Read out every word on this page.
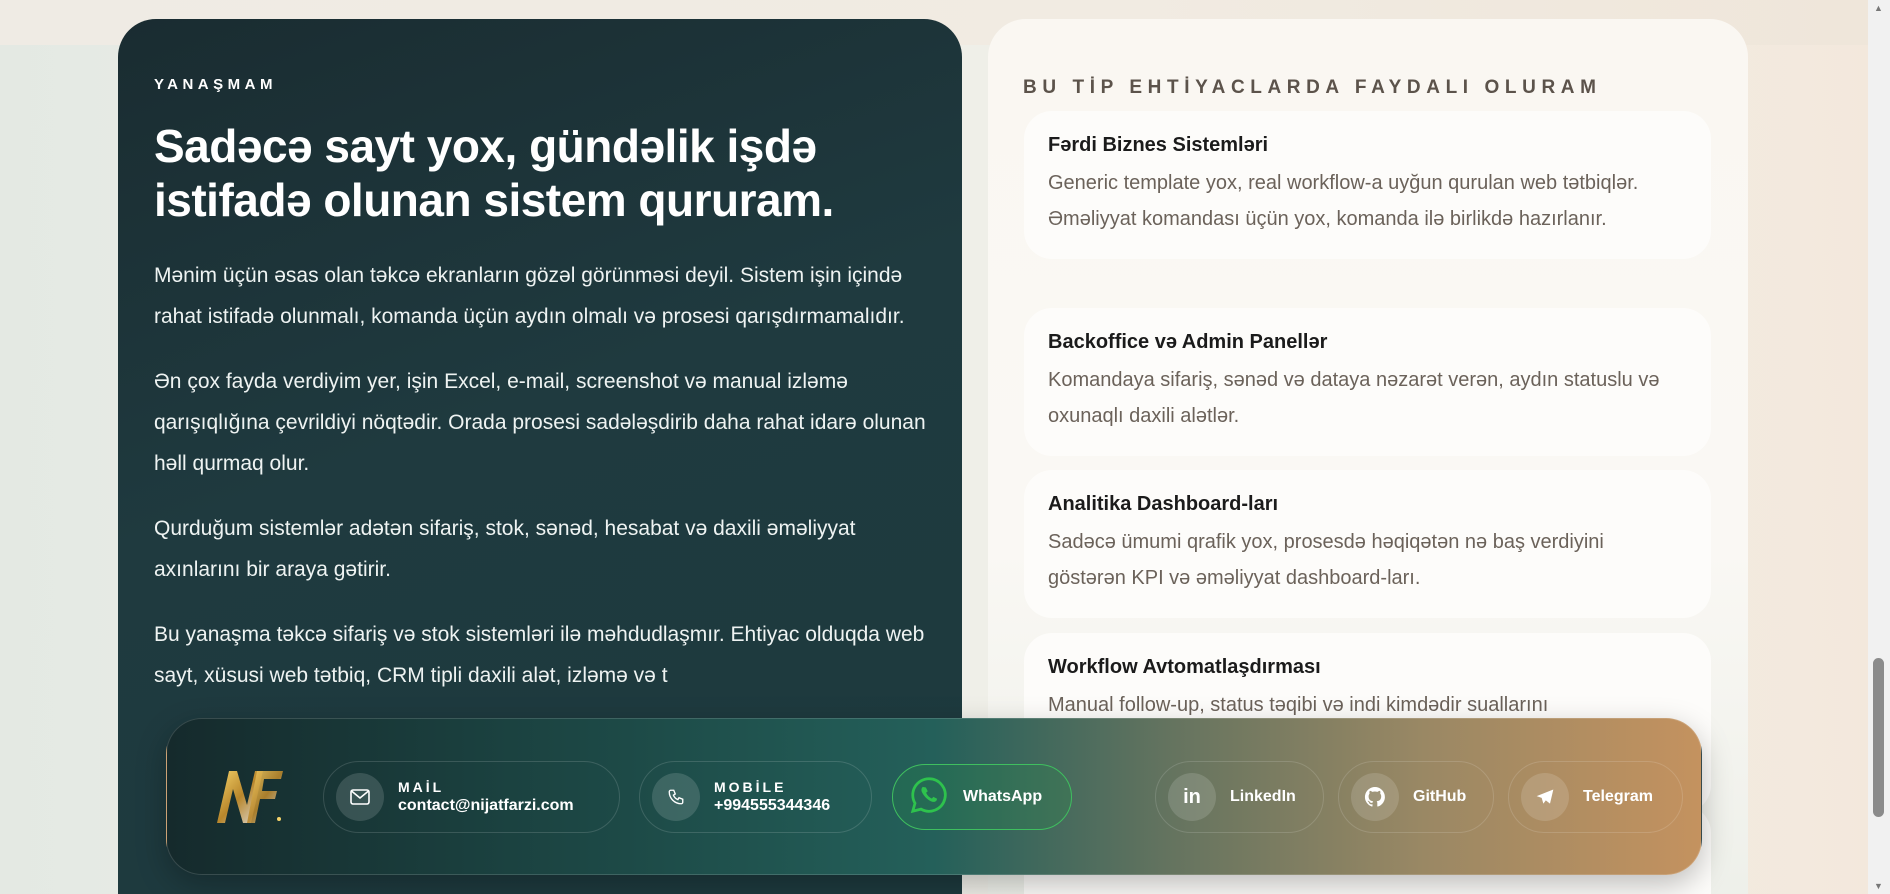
YANAŞMAM
Sadəcə sayt yox, gündəlik işdə istifadə olunan sistem qururam.

Mənim üçün əsas olan təkcə ekranların gözəl görünməsi deyil. Sistem işin içində rahat istifadə olunmalı, komanda üçün aydın olmalı və prosesi qarışdırmamalıdır.

Ən çox fayda verdiyim yer, işin Excel, e-mail, screenshot və manual izləmə qarışıqlığına çevrildiyi nöqtədir. Orada prosesi sadələşdirib daha rahat idarə olunan həll qurmaq olur.

Qurduğum sistemlər adətən sifariş, stok, sənəd, hesabat və daxili əməliyyat axınlarını bir araya gətirir.

Bu yanaşma təkcə sifariş və stok sistemləri ilə məhdudlaşmır. Ehtiyac olduqda web sayt, xüsusi web tətbiq, CRM tipli daxili alət, izləmə və t

BU TİP EHTİYACLARDA FAYDALI OLURAM
Fərdi Biznes Sistemləri

Generic template yox, real workflow-a uyğun qurulan web tətbiqlər. Əməliyyat komandası üçün yox, komanda ilə birlikdə hazırlanır.

Backoffice və Admin Panellər

Komandaya sifariş, sənəd və dataya nəzarət verən, aydın statuslu və oxunaqlı daxili alətlər.

Analitika Dashboard-ları

Sadəcə ümumi qrafik yox, prosesdə həqiqətən nə baş verdiyini göstərən KPI və əməliyyat dashboard-ları.

Workflow Avtomatlaşdırması

Manual follow-up, status təqibi və indi kimdədir suallarını

MAİL
contact@nijatfarzi.com
MOBİLE
+994555344346	WhatsApp	in LinkedIn	GitHub	Telegram
▲
▼
